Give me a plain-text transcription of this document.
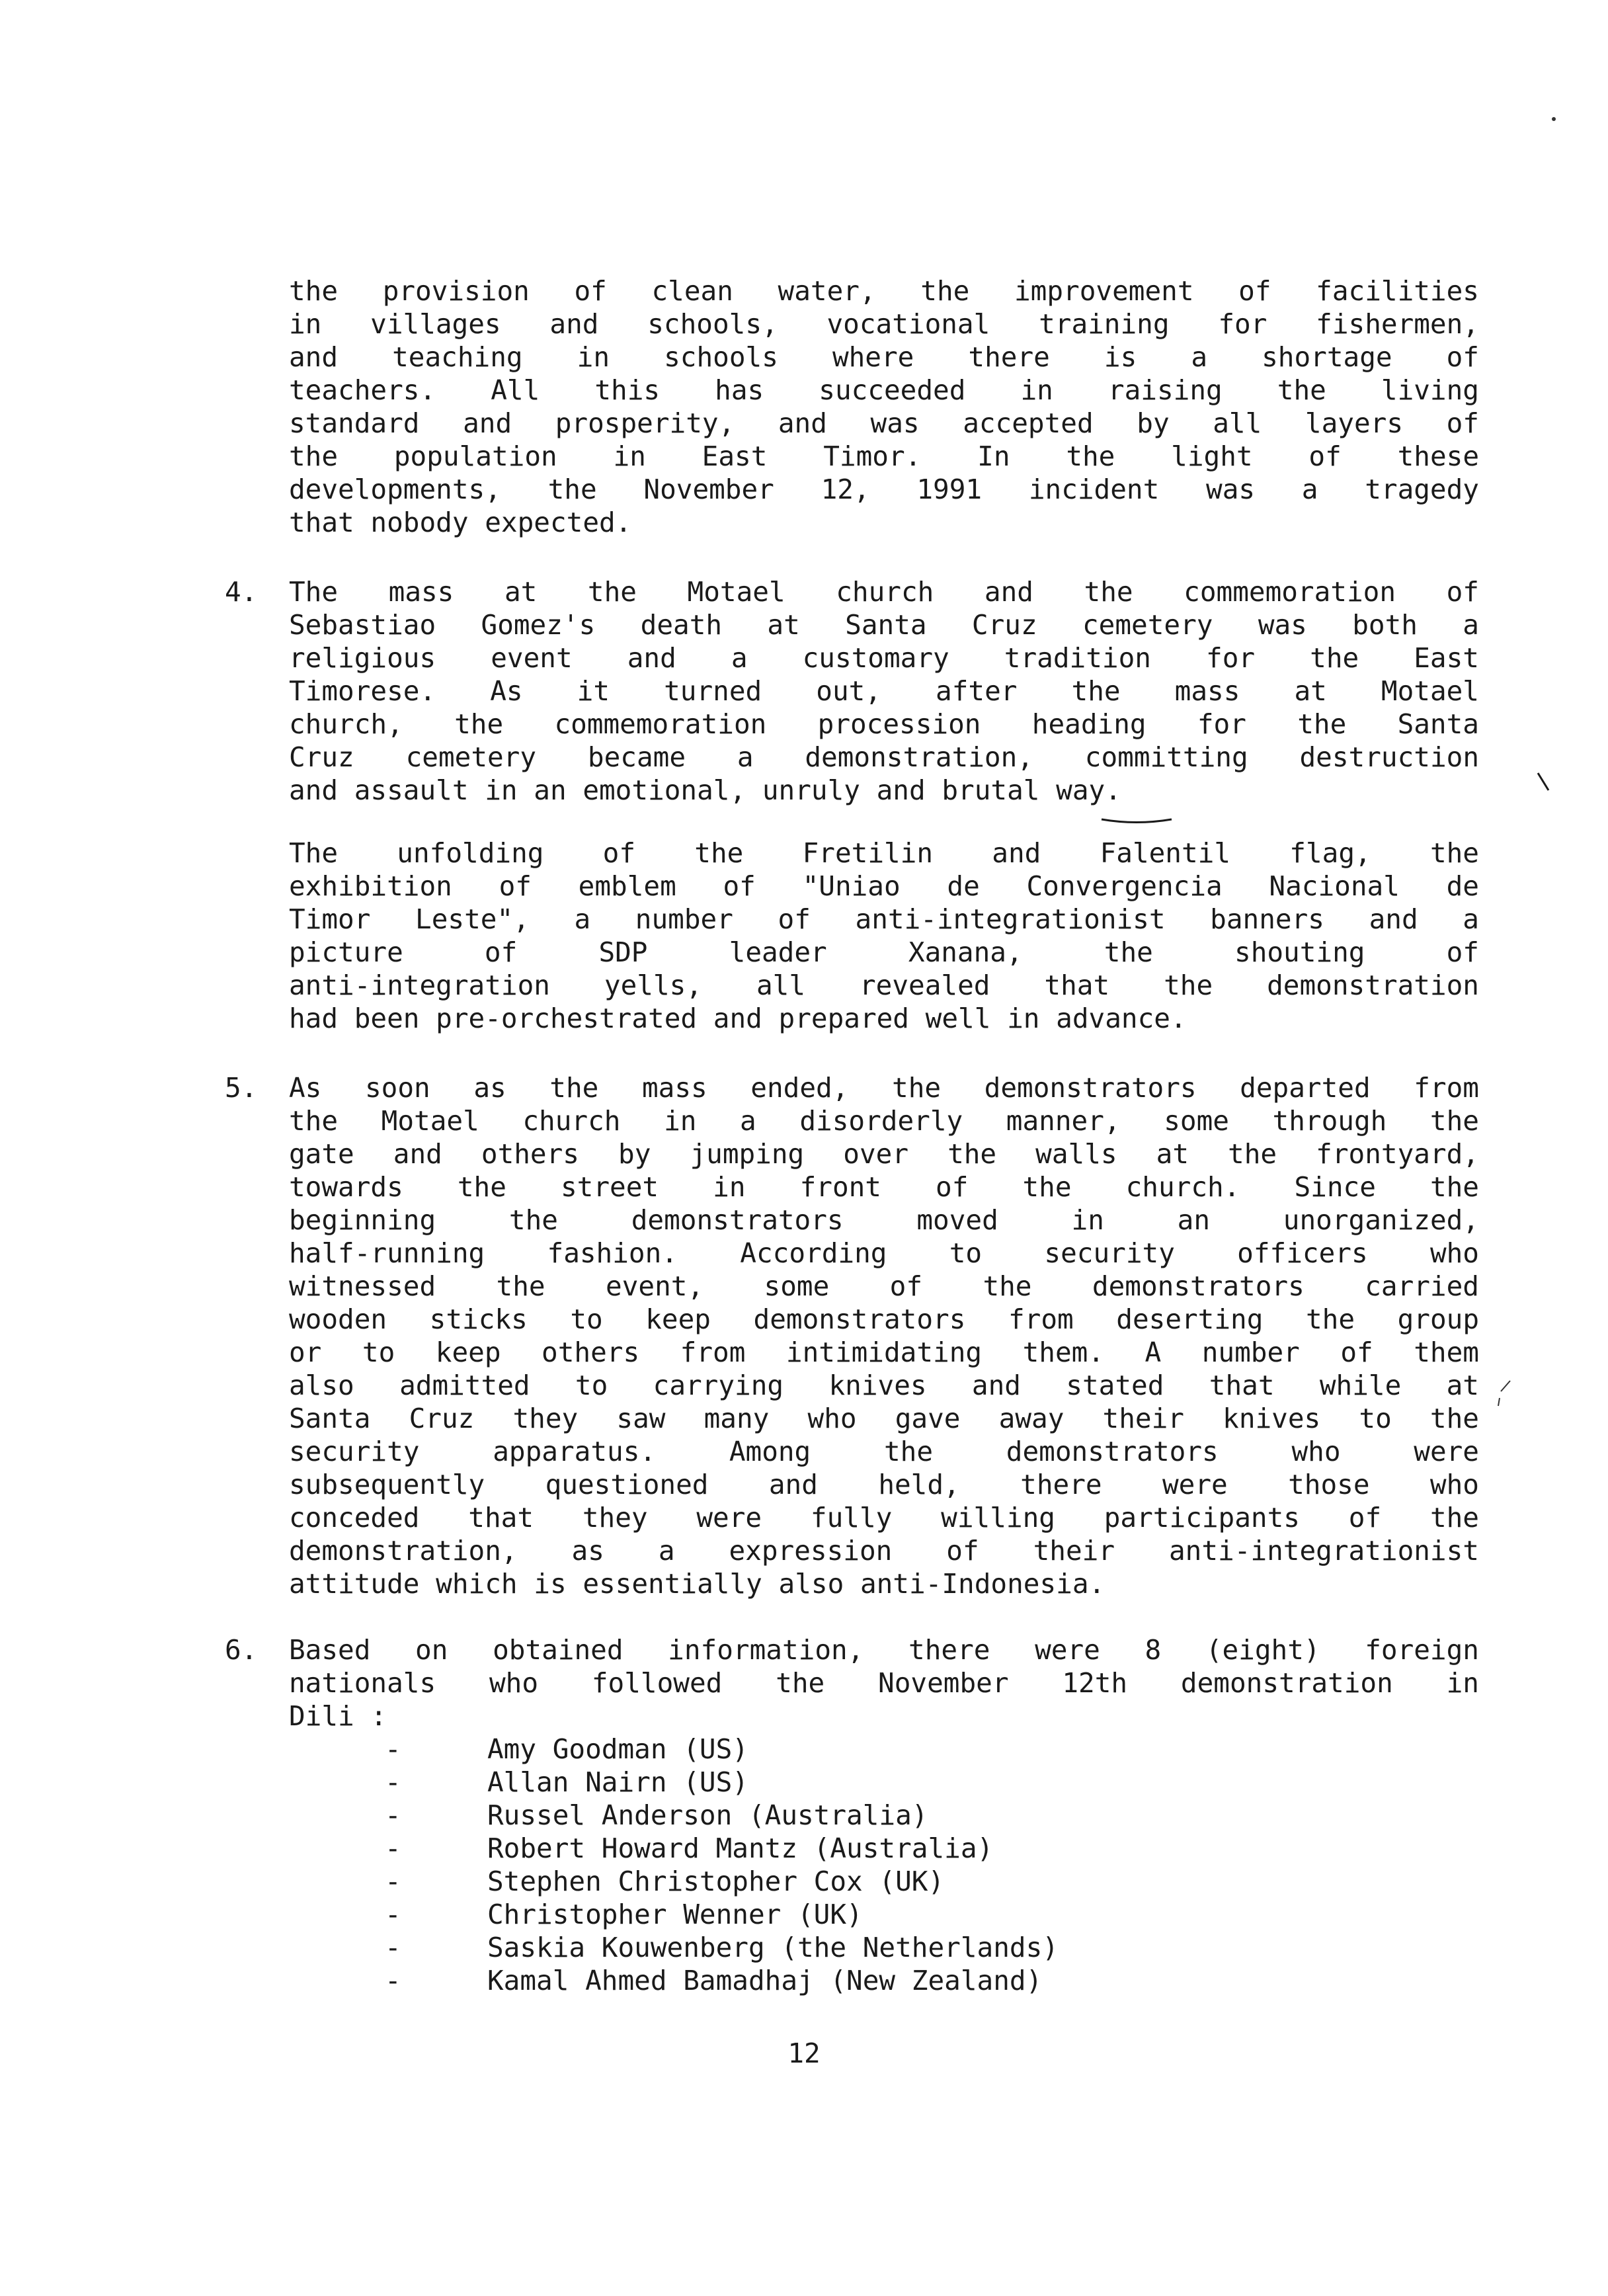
the provision of clean water, the improvement of facilities
in villages and schools, vocational training for fishermen,
and teaching in schools where there is a shortage of
teachers. All this has succeeded in raising the living
standard and prosperity, and was accepted by all layers of
the population in East Timor. In the light of these
developments, the November 12, 1991 incident was a tragedy
that nobody expected.
4. The mass at the Motael church and the commemoration of
Sebastiao Gomez's death at Santa Cruz cemetery was both a
religious event and a customary tradition for the East
Timorese. As it turned out, after the mass at Motael
church, the commemoration procession heading for the Santa
Cruz cemetery became a demonstration, committing destruction
and assault in an emotional, unruly and brutal way.
The unfolding of the Fretilin and Falentil flag, the
exhibition of emblem of "Uniao de Convergencia Nacional de
Timor Leste", a number of anti-integrationist banners and a
picture of SDP leader Xanana, the shouting of
anti-integration yells, all revealed that the demonstration
had been pre-orchestrated and prepared well in advance.
5. As soon as the mass ended, the demonstrators departed from
the Motael church in a disorderly manner, some through the
gate and others by jumping over the walls at the frontyard,
towards the street in front of the church. Since the
beginning the demonstrators moved in an unorganized,
half-running fashion. According to security officers who
witnessed the event, some of the demonstrators carried
wooden sticks to keep demonstrators from deserting the group
or to keep others from intimidating them. A number of them
also admitted to carrying knives and stated that while at
Santa Cruz they saw many who gave away their knives to the
security apparatus. Among the demonstrators who were
subsequently questioned and held, there were those who
conceded that they were fully willing participants of the
demonstration, as a expression of their anti-integrationist
attitude which is essentially also anti-Indonesia.
6. Based on obtained information, there were 8 (eight) foreign
nationals who followed the November 12th demonstration in
Dili :
-	Amy Goodman (US)
-	Allan Nairn (US)
-	Russel Anderson (Australia)
-	Robert Howard Mantz (Australia)
-	Stephen Christopher Cox (UK)
-	Christopher Wenner (UK)
-	Saskia Kouwenberg (the Netherlands)
-	Kamal Ahmed Bamadhaj (New Zealand)
12
